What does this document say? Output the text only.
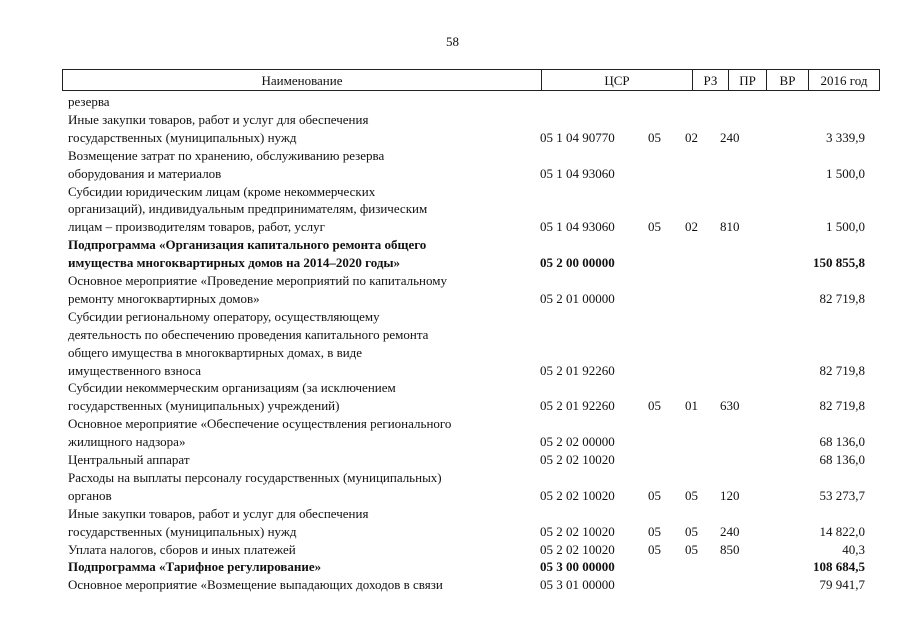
58
Наименование	ЦСР	РЗ	ПР	ВР	2016 год
резерва
Иные закупки товаров, работ и услуг для обеспечения
государственных (муниципальных) нужд	05 1 04 90770	05 02 240	3 339,9
Возмещение затрат по хранению, обслуживанию резерва
оборудования и материалов	05 1 04 93060	1 500,0
Субсидии юридическим лицам (кроме некоммерческих
организаций), индивидуальным предпринимателям, физическим
лицам – производителям товаров, работ, услуг	05 1 04 93060	05 02 810	1 500,0
Подпрограмма «Организация капитального ремонта общего
имущества многоквартирных домов на 2014–2020 годы»	05 2 00 00000	150 855,8
Основное мероприятие «Проведение мероприятий по капитальному
ремонту многоквартирных домов»	05 2 01 00000	82 719,8
Субсидии региональному оператору, осуществляющему
деятельность по обеспечению проведения капитального ремонта
общего имущества в многоквартирных домах, в виде
имущественного взноса	05 2 01 92260	82 719,8
Субсидии некоммерческим организациям (за исключением
государственных (муниципальных) учреждений)	05 2 01 92260	05 01 630	82 719,8
Основное мероприятие «Обеспечение осуществления регионального
жилищного надзора»	05 2 02 00000	68 136,0
Центральный аппарат	05 2 02 10020	68 136,0
Расходы на выплаты персоналу государственных (муниципальных)
органов	05 2 02 10020	05 05 120	53 273,7
Иные закупки товаров, работ и услуг для обеспечения
государственных (муниципальных) нужд	05 2 02 10020	05 05 240	14 822,0
Уплата налогов, сборов и иных платежей	05 2 02 10020	05 05 850	40,3
Подпрограмма «Тарифное регулирование»	05 3 00 00000	108 684,5
Основное мероприятие «Возмещение выпадающих доходов в связи	05 3 01 00000	79 941,7
